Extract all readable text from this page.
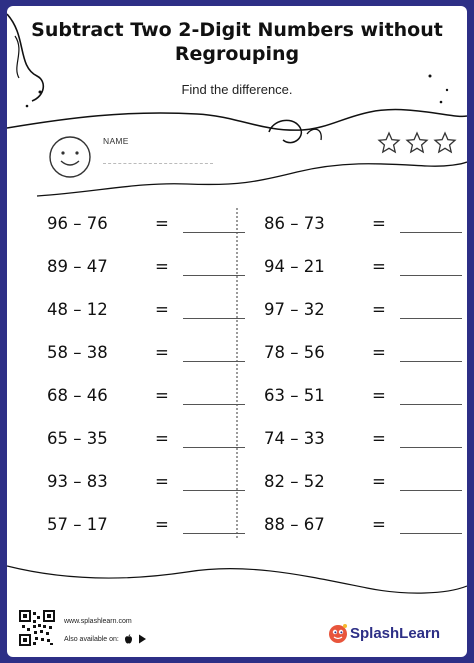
Subtract Two 2-Digit Numbers without
Regrouping
Find the difference.
NAME
96 – 76	=
89 – 47	=
48 – 12	=
58 – 38	=
68 – 46	=
65 – 35	=
93 – 83	=
57 – 17	=
86 – 73	=
94 – 21	=
97 – 32	=
78 – 56	=
63 – 51	=
74 – 33	=
82 – 52	=
88 – 67	=
www.splashlearn.com
Also available on:	SplashLearn
